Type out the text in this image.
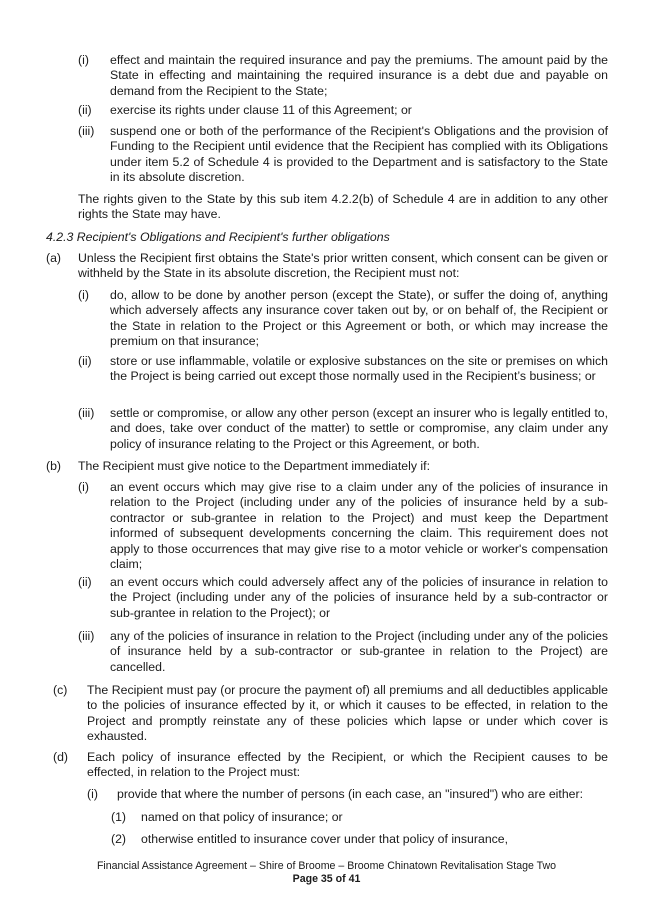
(i)	effect and maintain the required insurance and pay the premiums. The amount paid by the State in effecting and maintaining the required insurance is a debt due and payable on demand from the Recipient to the State;
(ii)	exercise its rights under clause 11 of this Agreement; or
(iii)	suspend one or both of the performance of the Recipient's Obligations and the provision of Funding to the Recipient until evidence that the Recipient has complied with its Obligations under item 5.2 of Schedule 4 is provided to the Department and is satisfactory to the State in its absolute discretion.
The rights given to the State by this sub item 4.2.2(b) of Schedule 4 are in addition to any other rights the State may have.
4.2.3 Recipient's Obligations and Recipient's further obligations
(a)	Unless the Recipient first obtains the State's prior written consent, which consent can be given or withheld by the State in its absolute discretion, the Recipient must not:
(i)	do, allow to be done by another person (except the State), or suffer the doing of, anything which adversely affects any insurance cover taken out by, or on behalf of, the Recipient or the State in relation to the Project or this Agreement or both, or which may increase the premium on that insurance;
(ii)	store or use inflammable, volatile or explosive substances on the site or premises on which the Project is being carried out except those normally used in the Recipient’s business; or
(iii)	settle or compromise, or allow any other person (except an insurer who is legally entitled to, and does, take over conduct of the matter) to settle or compromise, any claim under any policy of insurance relating to the Project or this Agreement, or both.
(b)	The Recipient must give notice to the Department immediately if:
(i)	an event occurs which may give rise to a claim under any of the policies of insurance in relation to the Project (including under any of the policies of insurance held by a sub-contractor or sub-grantee in relation to the Project) and must keep the Department informed of subsequent developments concerning the claim. This requirement does not apply to those occurrences that may give rise to a motor vehicle or worker's compensation claim;
(ii)	an event occurs which could adversely affect any of the policies of insurance in relation to the Project (including under any of the policies of insurance held by a sub-contractor or sub-grantee in relation to the Project); or
(iii)	any of the policies of insurance in relation to the Project (including under any of the policies of insurance held by a sub-contractor or sub-grantee in relation to the Project) are cancelled.
(c)	The Recipient must pay (or procure the payment of) all premiums and all deductibles applicable to the policies of insurance effected by it, or which it causes to be effected, in relation to the Project and promptly reinstate any of these policies which lapse or under which cover is exhausted.
(d)	Each policy of insurance effected by the Recipient, or which the Recipient causes to be effected, in relation to the Project must:
(i)	provide that where the number of persons (in each case, an "insured") who are either:
(1)	named on that policy of insurance; or
(2)	otherwise entitled to insurance cover under that policy of insurance,
Financial Assistance Agreement – Shire of Broome – Broome Chinatown Revitalisation Stage Two
Page 35 of 41
